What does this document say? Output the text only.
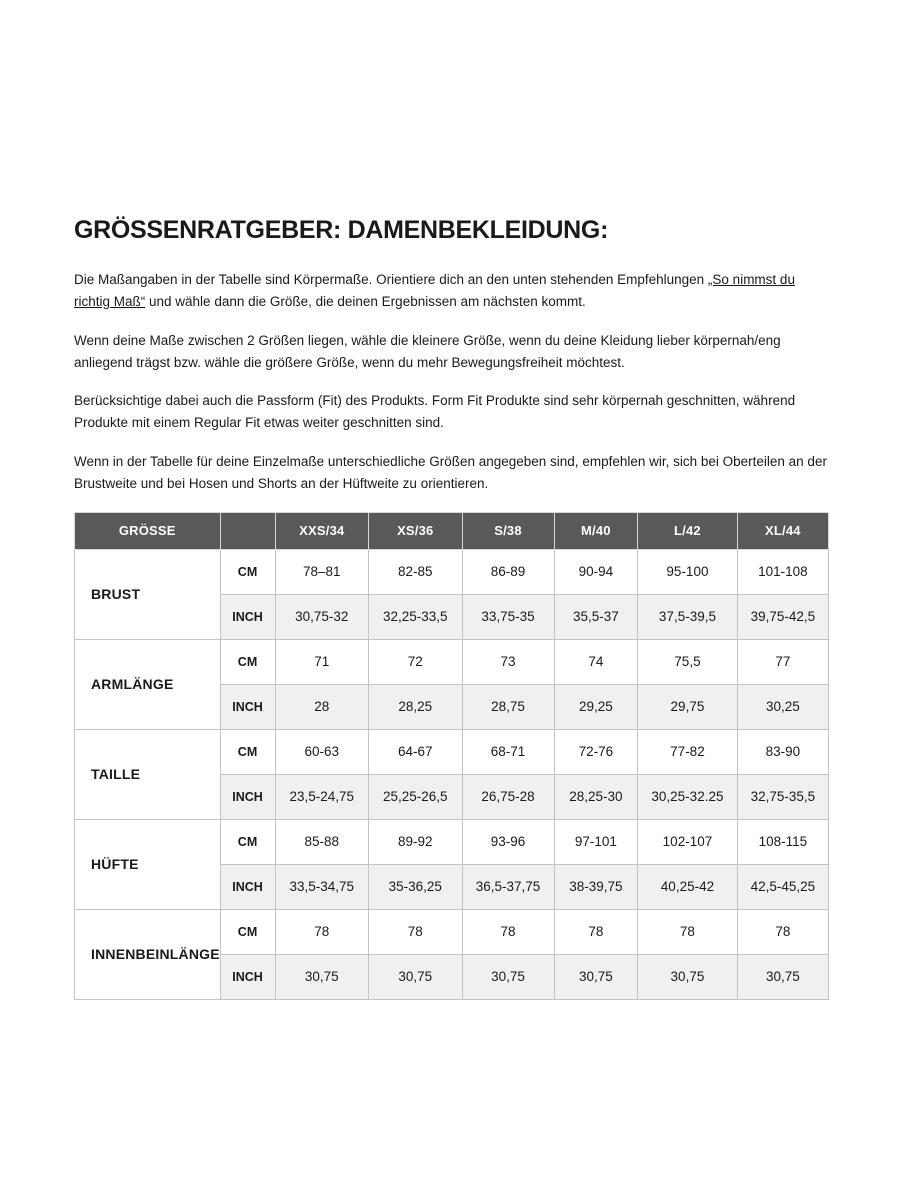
GRÖSSENRATGEBER: DAMENBEKLEIDUNG:

Die Maßangaben in der Tabelle sind Körpermaße. Orientiere dich an den unten stehenden Empfehlungen „So nimmst du richtig Maß“ und wähle dann die Größe, die deinen Ergebnissen am nächsten kommt.

Wenn deine Maße zwischen 2 Größen liegen, wähle die kleinere Größe, wenn du deine Kleidung lieber körpernah/eng anliegend trägst bzw. wähle die größere Größe, wenn du mehr Bewegungsfreiheit möchtest.

Berücksichtige dabei auch die Passform (Fit) des Produkts. Form Fit Produkte sind sehr körpernah geschnitten, während Produkte mit einem Regular Fit etwas weiter geschnitten sind.

Wenn in der Tabelle für deine Einzelmaße unterschiedliche Größen angegeben sind, empfehlen wir, sich bei Oberteilen an der Brustweite und bei Hosen und Shorts an der Hüftweite zu orientieren.

GRÖSSE		XXS/34	XS/36	S/38	M/40	L/42	XL/44
BRUST	CM	78–81	82-85	86-89	90-94	95-100	101-108
	INCH	30,75-32	32,25-33,5	33,75-35	35,5-37	37,5-39,5	39,75-42,5
ARMLÄNGE	CM	71	72	73	74	75,5	77
	INCH	28	28,25	28,75	29,25	29,75	30,25
TAILLE	CM	60-63	64-67	68-71	72-76	77-82	83-90
	INCH	23,5-24,75	25,25-26,5	26,75-28	28,25-30	30,25-32.25	32,75-35,5
HÜFTE	CM	85-88	89-92	93-96	97-101	102-107	108-115
	INCH	33,5-34,75	35-36,25	36,5-37,75	38-39,75	40,25-42	42,5-45,25
INNENBEINLÄNGE	CM	78	78	78	78	78	78
	INCH	30,75	30,75	30,75	30,75	30,75	30,75
